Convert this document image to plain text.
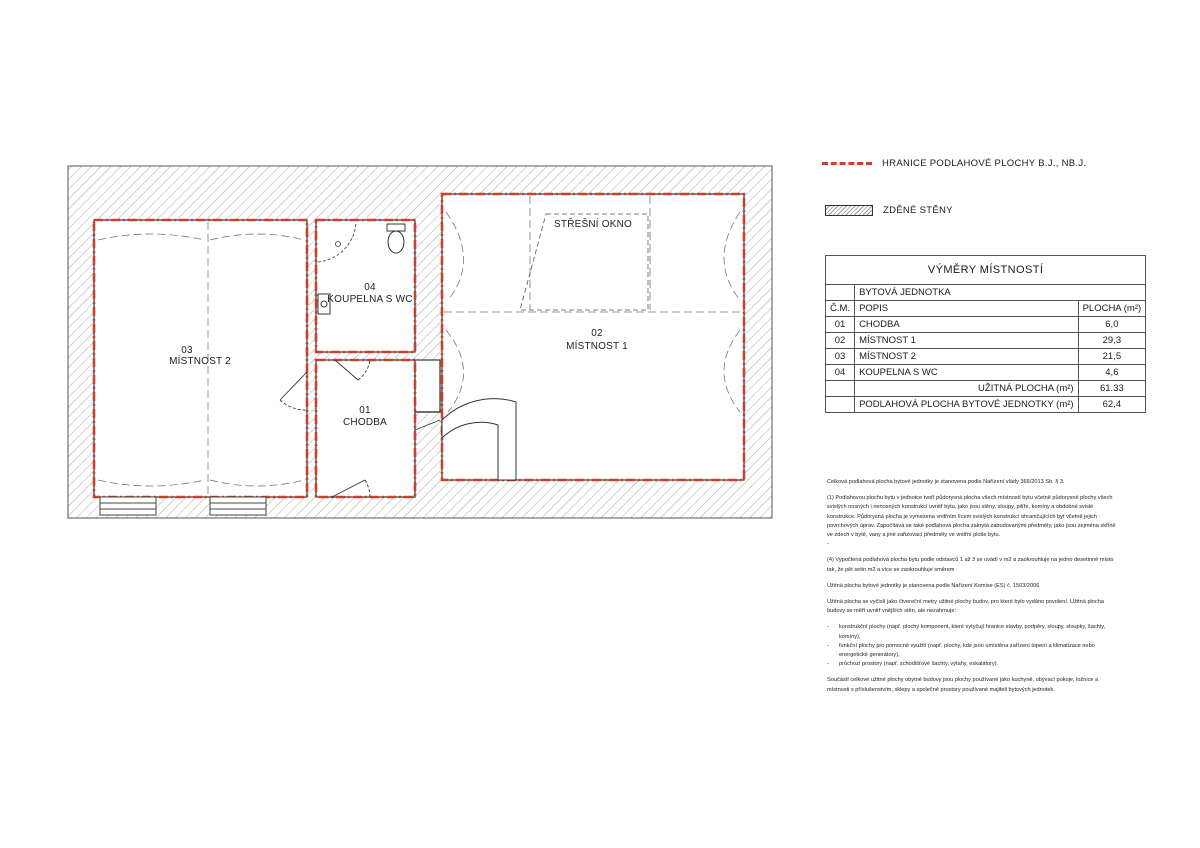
03
MÍSTNOST 2
04
KOUPELNA S WC
01
CHODBA
02
MÍSTNOST 1
STŘEŠNÍ OKNO
HRANICE PODLAHOVÉ PLOCHY B.J., NB.J.
ZDĚNÉ STĚNY
VÝMĚRY MÍSTNOSTÍ		
	BYTOVÁ JEDNOTKA	
Č.M.	POPIS	PLOCHA (m²)
01	CHODBA	6,0
02	MÍSTNOST 1	29,3
03	MÍSTNOST 2	21,5
04	KOUPELNA S WC	4,6
	UŽITNÁ PLOCHA (m²)	61.33
	PODLAHOVÁ PLOCHA BYTOVÉ JEDNOTKY (m²)	62,4

Celková podlahová plocha bytové jednotky je stanovena podle Nařízení vlády 366/2013 Sb. § 3.

(1) Podlahovou plochu bytu v jednotce tvoří půdorysná plocha všech místností bytu včetně půdorysné plochy všech svislých nosných i nenosných konstrukcí uvnitř bytu, jako jsou stěny, sloupy, pilíře, komíny a obdobné svislé konstrukce. Půdorysná plocha je vymezena vnitřním lícem svislých konstrukcí ohraničujících byt včetně jejich povrchových úprav. Započítává se také podlahová plocha zakrytá zabudovanými předměty, jako jsou zejména skříně ve zdech v bytě, vany a jiné zařizovací předměty ve vnitřní ploše bytu.
-

(4) Vypočtená podlahová plocha bytu podle odstavců 1 až 3 se uvádí v m2 a zaokrouhluje na jedno desetinné místo tak, že pět setin m2 a více se zaokrouhluje směrem

Užitná plocha bytové jednotky je stanovena podle Nařízení Komise (ES) č. 1503/2006

Užitná plocha se vyčíslí jako čtvereční metry užitné plochy budov, pro které bylo vydáno povolení. Užitná plocha budovy se měří uvnitř vnějších stěn, ale nezahrnuje:

- konstrukční plochy (např. plochy komponent, které vytyčují hranice stavby, podpěry, sloupy, sloupky, šachty, komíny),
- funkční plochy pro pomocné využití (např. plochy, kde jsou umístěna zařízení topení a klimatizace nebo energetické generátory),
- průchozí prostory (např. schodišťové šachty, výtahy, eskalátory).

Součástí celkové užitné plochy obytné budovy jsou plochy používané jako kuchyně, obývací pokoje, ložnice a místnosti s příslušenstvím, sklepy a společné prostory používané majiteli bytových jednotek.
